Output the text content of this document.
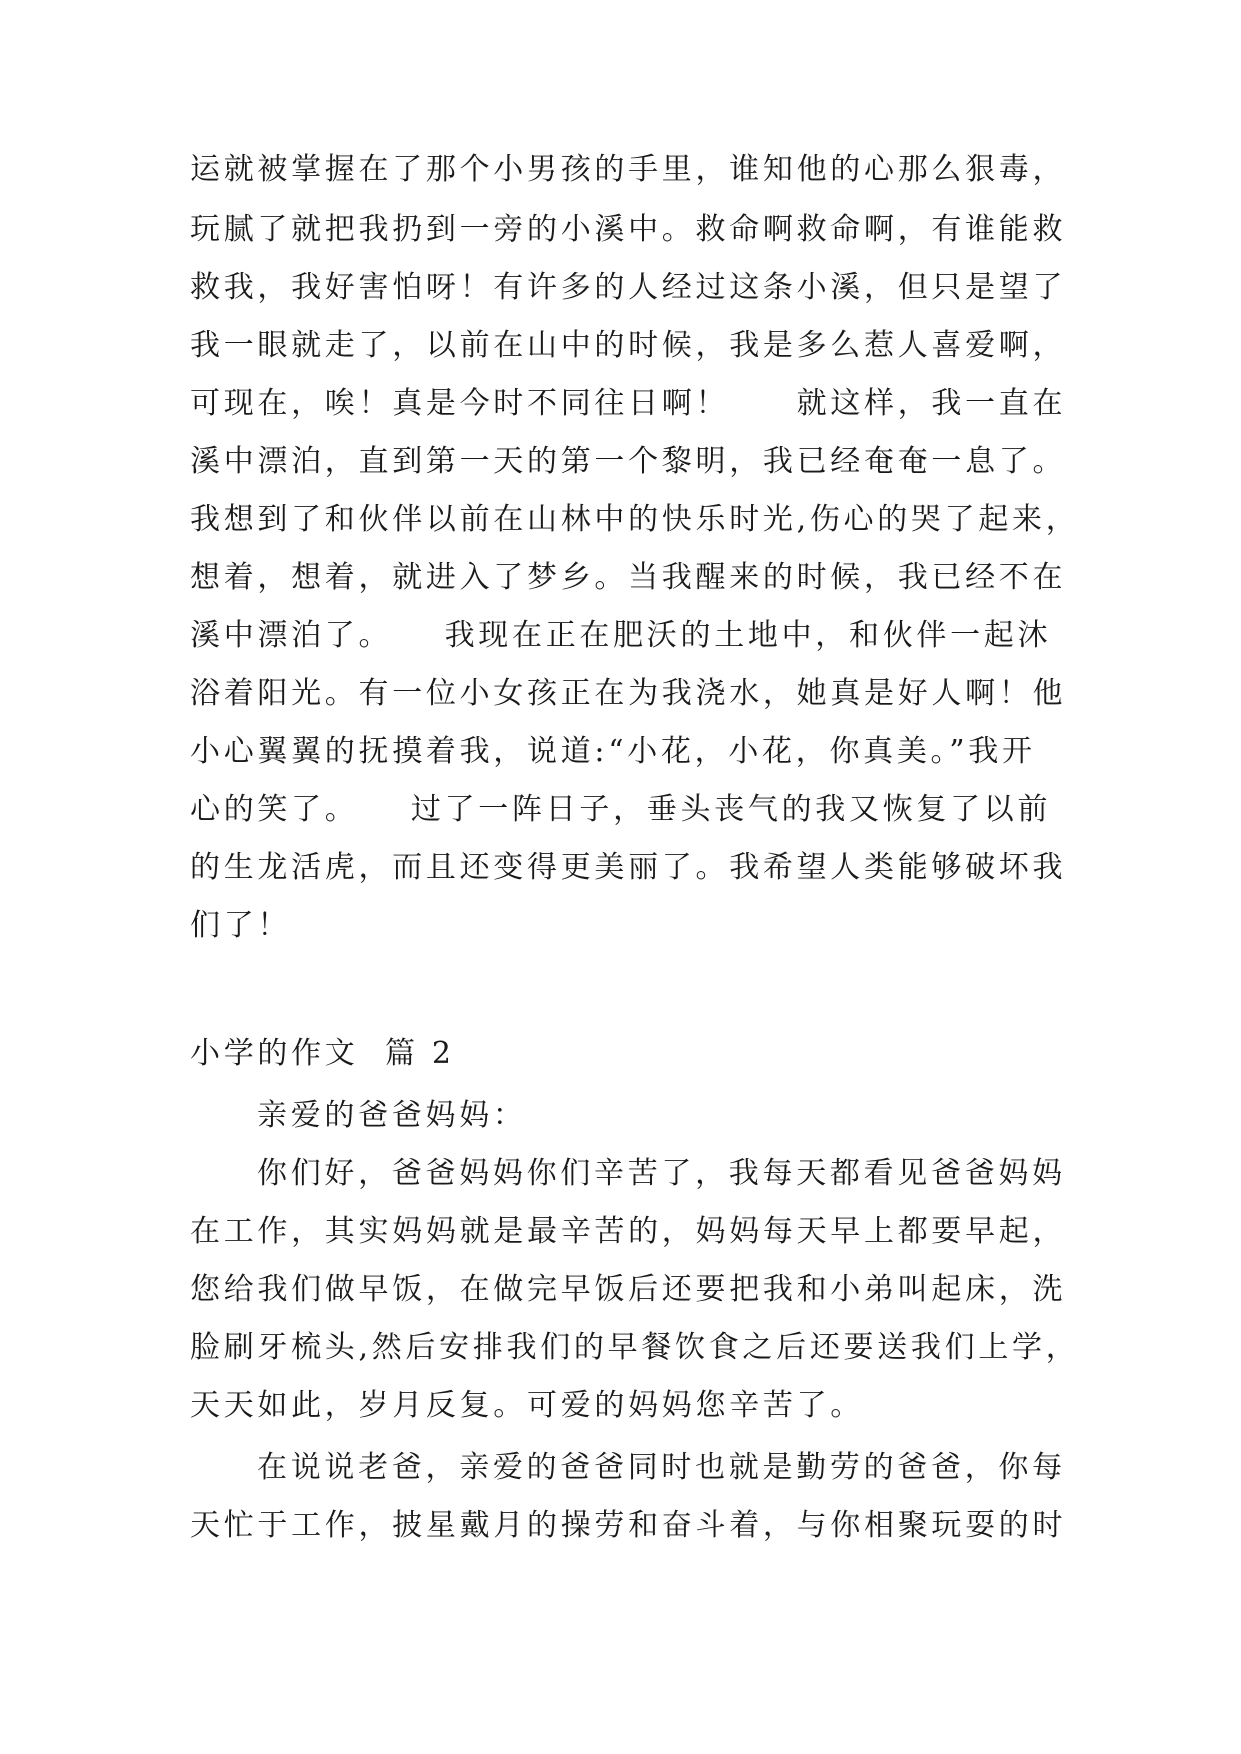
运就被掌握在了那个小男孩的手里，谁知他的心那么狠毒，
玩腻了就把我扔到一旁的小溪中。救命啊救命啊，有谁能救
救我，我好害怕呀！有许多的人经过这条小溪，但只是望了
我一眼就走了，以前在山中的时候，我是多么惹人喜爱啊，
可现在，唉！真是今时不同往日啊！　　就这样，我一直在
溪中漂泊，直到第一天的第一个黎明，我已经奄奄一息了。
我想到了和伙伴以前在山林中的快乐时光,伤心的哭了起来，
想着，想着，就进入了梦乡。当我醒来的时候，我已经不在
溪中漂泊了。　　我现在正在肥沃的土地中，和伙伴一起沐
浴着阳光。有一位小女孩正在为我浇水，她真是好人啊！他
小心翼翼的抚摸着我，说道:“小花，小花，你真美。”我开
心的笑了。　　过了一阵日子，垂头丧气的我又恢复了以前
的生龙活虎，而且还变得更美丽了。我希望人类能够破坏我
们了！
小学的作文  篇 2
亲爱的爸爸妈妈：
你们好，爸爸妈妈你们辛苦了，我每天都看见爸爸妈妈
在工作，其实妈妈就是最辛苦的，妈妈每天早上都要早起，
您给我们做早饭，在做完早饭后还要把我和小弟叫起床，洗
脸刷牙梳头,然后安排我们的早餐饮食之后还要送我们上学，
天天如此，岁月反复。可爱的妈妈您辛苦了。
在说说老爸，亲爱的爸爸同时也就是勤劳的爸爸，你每
天忙于工作，披星戴月的操劳和奋斗着，与你相聚玩耍的时
